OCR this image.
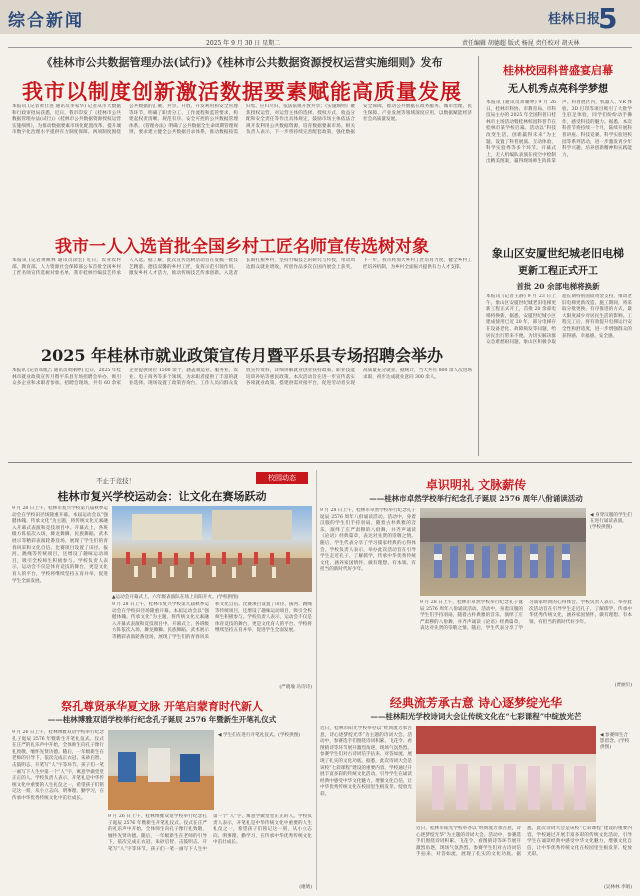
综合新闻	桂林日报
5
2025 年 9 月 30 日 星期二	责任编辑 胡德超 版式 杨昆 责任校对 胡天林
《桂林市公共数据管理办法(试行)》《桂林市公共数据资源授权运营实施细则》发布
我市以制度创新激活数据要素赋能高质量发展
本报讯 (记者黄仕进 通讯员李家华) 记者从市大数据和行政审批局获悉，近日，我市印发了《桂林市公共数据管理办法(试行)》《桂林市公共数据资源授权运营实施细则》，为推动数据要素市场化配置改革、提升城市数字化治理水平提供有力制度保障。两项制度围绕公共数据的汇聚、共享、开放、开发利用和安全管理等环节，明确了职责分工、工作流程和监管要求，构建起权责清晰、规范有序、安全可控的公共数据管理体系。《管理办法》明确了公共数据全生命周期管理规则，要求建立健全公共数据目录体系，推动数据按需归集、应归尽归，依法依规开放共享；《实施细则》聚焦授权运营，对运营主体的选择、授权方式、收益分配和安全责任等作出具体规定，鼓励市场主体依法合规开发利用公共数据资源，培育数据要素市场。相关负责人表示，下一步将持续完善配套政策，强化数据安全保障，推动公共数据在政务服务、城市治理、民生保障、产业发展等领域深度应用，以数据赋能经济社会高质量发展。
我市一人入选首批全国乡村工匠名师宣传选树对象
本报讯 (记者黄映林 通讯员徐宏) 近日，农业农村部、教育部、人力资源社会保障部公布首批全国乡村工匠名师宣传选树对象名单，我市桂林竹编技艺传承人入选。据了解，此次宣传选树活动旨在发掘一批技艺精湛、德技双馨的乡村工匠，发挥示范引领作用，激发乡村人才活力，推动传统技艺传承创新。入选者长期扎根乡村，坚持竹编技艺的研究与传授，带动周边群众就业增收，所创作品多次在国内展会上获奖。下一步，我市将加大乡村工匠培育力度，健全乡村工匠培养机制，为乡村全面振兴提供有力人才支撑。
2025 年桂林市就业政策宣传月暨平乐县专场招聘会举办
本报讯 (记者邓胤吉 通讯员黄丽婷) 近日，2025 年桂林市就业政策宣传月暨平乐县专场招聘会举办，吸引众多企业和求职者参加。招聘会现场，共有 60 余家企业提供岗位 1500 余个，涵盖制造业、服务业、农业、电子商务等多个领域，为求职者提供了丰富的就业选择。现场设置了政策咨询台，工作人员向群众发放宣传资料，详细讲解就业创业扶持政策、职业技能培训补贴等惠民政策。本次活动旨在进一步宣传落实各项就业政策，搭建供需对接平台，促进劳动者实现高质量充分就业。据统计，当天共有 800 余人次进场求职，初步达成就业意向 300 余人。
桂林校园科普盛宴启幕
无人机秀点亮科学梦想
本报讯 (通讯员蒋璐婷) 9 月 26 日，桂林市科协、市教育局、市科技局主办的 2025 年全国科普日桂林市主场活动暨桂林校园科普节在桂林市某学校启幕。活动以“科技改变生活，创新赢得未来”为主题，设置了科普展演、互动体验、科学实验秀等多个环节。开幕式上，无人机编队表演在夜空中绘制出精美图案，赢得现场师生阵阵掌声。科普展区内，机器人、VR 体验、3D 打印等项目吸引了大批学生驻足体验，同学们纷纷动手操作，感受科技的魅力。据悉，本次科普节将持续一个月，陆续开展科普讲座、科技竞赛、科学实验进校园等系列活动，进一步激发青少年科学兴趣，培养创新精神和实践能力。
象山区安厦世纪城老旧电梯
更新工程正式开工
首批 20 余部电梯将换新
本报讯 (记者王静) 9 月 23 日上午，象山区安厦世纪城老旧电梯更新工程正式开工，首批 20 余部电梯将换新。据悉，安厦世纪城小区建成使用已近 20 年，部分电梯存在设备老化、故障频发等问题，给居民出行带来不便。为切实解决群众急难愁盼问题，象山区积极争取超长期特别国债资金支持，推动老旧电梯更新改造。施工期间，将采取分批更换、有序推进的方式，最大限度减少对居民生活的影响。工程完工后，将有效提升电梯运行安全性和舒适度，进一步增强群众的获得感、幸福感、安全感。
不止于竞技！	校园动态
桂林市复兴学校运动会：让文化在赛场跃动
9 月 28 日上午，桂林市复兴学校第九届秋季运动会在学校田径场隆重开幕。本届运动会以“强健体魄、传承文化”为主题，将传统文化元素融入开幕式表演和竞技项目中。开幕式上，各班级方阵依次入场，舞龙舞狮、民族舞蹈、武术展示等精彩表演轮番登场，展现了学生们的青春风采和文化自信。比赛项目设置了田径、拔河、跳绳等传统项目，还增设了趣味运动项目，吸引全校师生积极参与。学校负责人表示，运动会不仅是体育竞技的舞台，更是文化育人的平台，学校将继续坚持五育并举，促进学生全面发展。
▲运动会开幕式上，六年级表演队在场上向阳开火。(学校供图)
9 月 28 日上午，桂林市复兴学校第九届秋季运动会在学校田径场隆重开幕。本届运动会以“强健体魄、传承文化”为主题，将传统文化元素融入开幕式表演和竞技项目中。开幕式上，各班级方阵依次入场，舞龙舞狮、民族舞蹈、武术展示等精彩表演轮番登场，展现了学生们的青春风采和文化自信。比赛项目设置了田径、拔河、跳绳等传统项目，还增设了趣味运动项目，吸引全校师生积极参与。学校负责人表示，运动会不仅是体育竞技的舞台，更是文化育人的平台，学校将继续坚持五育并举，促进学生全面发展。
(严晓瑜 冯诗诗)
卓识明礼 文脉薪传
——桂林市卓然学校举行纪念孔子诞辰 2576 周年八佾诵读活动
9 月 28 日上午，桂林市卓然学校举行纪念孔子诞辰 2576 周年八佾诵读活动。活动中，身着汉服的学生们手持羽扇，随着古朴典雅的音乐，演绎了庄严肃穆的八佾舞，并齐声诵读《论语》经典篇章，表达对先贤的崇敬之情。随后，学生代表分享了学习儒家经典的心得体会。学校负责人表示，举办此次活动旨在引导学生走近孔子、了解儒学，传承中华优秀传统文化，涵养家国情怀，做有理想、有本领、有担当的新时代好少年。
◀ 身穿汉服的学生们在进行诵读表演。(学校供图)
9 月 28 日上午，桂林市卓然学校举行纪念孔子诞辰 2576 周年八佾诵读活动。活动中，身着汉服的学生们手持羽扇，随着古朴典雅的音乐，演绎了庄严肃穆的八佾舞，并齐声诵读《论语》经典篇章，表达对先贤的崇敬之情。随后，学生代表分享了学习儒家经典的心得体会。学校负责人表示，举办此次活动旨在引导学生走近孔子、了解儒学，传承中华优秀传统文化，涵养家国情怀，做有理想、有本领、有担当的新时代好少年。
(贾丽贝)
祭孔尊贤承华夏文脉 开笔启蒙育时代新人
——桂林博雅双语学校举行纪念孔子诞辰 2576 年暨新生开笔礼仪式
9 月 26 日上午，桂林博雅双语学校举行纪念孔子诞辰 2576 年暨新生开笔礼仪式。仪式在庄严的礼乐声中开始，全体师生向孔子像行礼致敬，缅怀先贤功德。随后，一年级新生在老师的引导下，依次完成正衣冠、朱砂启智、击鼓明志、开笔写“人”字等环节。孩子们一笔一画写下人生中第一个“人”字，寓意学做堂堂正正的人。学校负责人表示，开笔礼是中华传统文化中重要的人生礼仪之一，希望孩子们铭记这一刻，从小立志向、明事理、勤学习，在传承中华优秀传统文化中茁壮成长。
◀ 学生们在进行开笔礼仪式。(学校供图)
9 月 26 日上午，桂林博雅双语学校举行纪念孔子诞辰 2576 年暨新生开笔礼仪式。仪式在庄严的礼乐声中开始，全体师生向孔子像行礼致敬，缅怀先贤功德。随后，一年级新生在老师的引导下，依次完成正衣冠、朱砂启智、击鼓明志、开笔写“人”字等环节。孩子们一笔一画写下人生中第一个“人”字，寓意学做堂堂正正的人。学校负责人表示，开笔礼是中华传统文化中重要的人生礼仪之一，希望孩子们铭记这一刻，从小立志向、明事理、勤学习，在传承中华优秀传统文化中茁壮成长。
(谢婧)
经典流芳承古意 诗心逐梦绽光华
——桂林阳光学校诗词大会让传统文化在“七彩课程”中绽放光芒
近日，桂林市阳光学校举办以“经典流芳承古意，诗心逐梦绽光华”为主题的诗词大会。活动中，参赛选手们围绕诗词积累、飞花令、看图猜诗等环节展开激烈角逐，现场气氛热烈。参赛学生们对古诗词信手拈来、对答如流，展现了扎实的文化功底。据悉，此次诗词大会是该校“七彩课程”建设的重要内容，学校通过开展丰富多彩的传统文化活动，引导学生在诵读经典中感受中华文化魅力，增强文化自信，让中华优秀传统文化在校园里生根发芽、绽放光彩。
◀ 参赛师生合影留念。(学校供图)
近日，桂林市阳光学校举办以“经典流芳承古意，诗心逐梦绽光华”为主题的诗词大会。活动中，参赛选手们围绕诗词积累、飞花令、看图猜诗等环节展开激烈角逐，现场气氛热烈。参赛学生们对古诗词信手拈来、对答如流，展现了扎实的文化功底。据悉，此次诗词大会是该校“七彩课程”建设的重要内容，学校通过开展丰富多彩的传统文化活动，引导学生在诵读经典中感受中华文化魅力，增强文化自信，让中华优秀传统文化在校园里生根发芽、绽放光彩。
(吴林林 李娟)
